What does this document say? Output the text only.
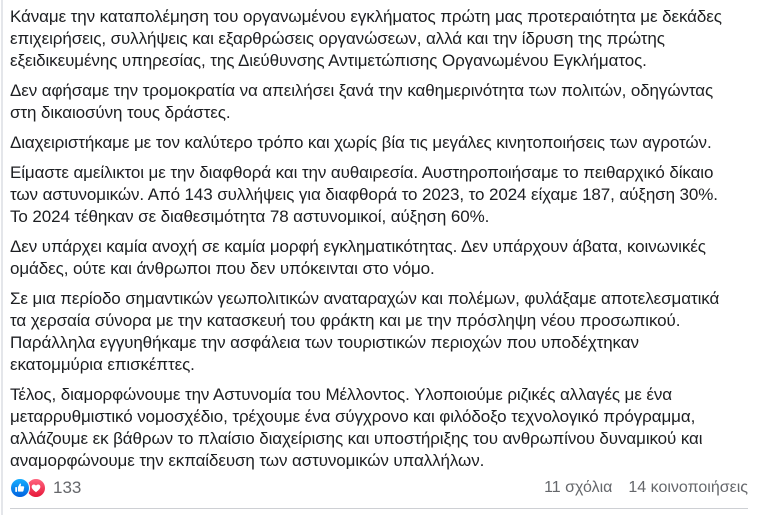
Κάναμε την καταπολέμηση του οργανωμένου εγκλήματος πρώτη μας προτεραιότητα με δεκάδες επιχειρήσεις, συλλήψεις και εξαρθρώσεις οργανώσεων, αλλά και την ίδρυση της πρώτης εξειδικευμένης υπηρεσίας, της Διεύθυνσης Αντιμετώπισης Οργανωμένου Εγκλήματος.

Δεν αφήσαμε την τρομοκρατία να απειλήσει ξανά την καθημερινότητα των πολιτών, οδηγώντας στη δικαιοσύνη τους δράστες.

Διαχειριστήκαμε με τον καλύτερο τρόπο και χωρίς βία τις μεγάλες κινητοποιήσεις των αγροτών.

Είμαστε αμείλικτοι με την διαφθορά και την αυθαιρεσία. Αυστηροποιήσαμε το πειθαρχικό δίκαιο των αστυνομικών. Από 143 συλλήψεις για διαφθορά το 2023, το 2024 είχαμε 187, αύξηση 30%. Το 2024 τέθηκαν σε διαθεσιμότητα 78 αστυνομικοί, αύξηση 60%.

Δεν υπάρχει καμία ανοχή σε καμία μορφή εγκληματικότητας. Δεν υπάρχουν άβατα, κοινωνικές ομάδες, ούτε και άνθρωποι που δεν υπόκεινται στο νόμο.

Σε μια περίοδο σημαντικών γεωπολιτικών αναταραχών και πολέμων, φυλάξαμε αποτελεσματικά τα χερσαία σύνορα με την κατασκευή του φράκτη και με την πρόσληψη νέου προσωπικού. Παράλληλα εγγυηθήκαμε την ασφάλεια των τουριστικών περιοχών που υποδέχτηκαν εκατομμύρια επισκέπτες.

Τέλος, διαμορφώνουμε την Αστυνομία του Μέλλοντος. Υλοποιούμε ριζικές αλλαγές με ένα μεταρρυθμιστικό νομοσχέδιο, τρέχουμε ένα σύγχρονο και φιλόδοξο τεχνολογικό πρόγραμμα, αλλάζουμε εκ βάθρων το πλαίσιο διαχείρισης και υποστήριξης του ανθρωπίνου δυναμικού και αναμορφώνουμε την εκπαίδευση των αστυνομικών υπαλλήλων.

133	11 σχόλια 14 κοινοποιήσεις
